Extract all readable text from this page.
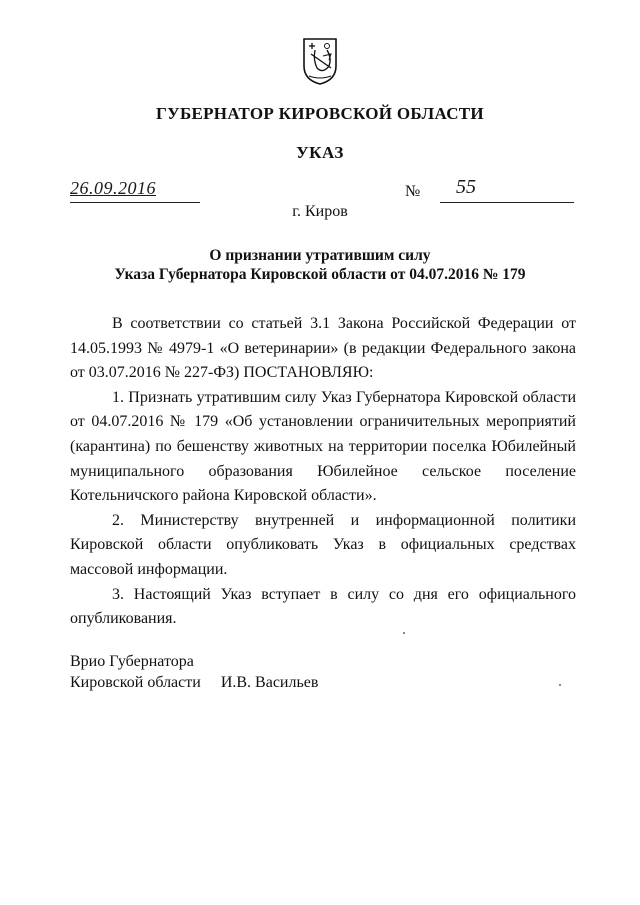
ГУБЕРНАТОР КИРОВСКОЙ ОБЛАСТИ
УКАЗ
26.09.2016	№ 55
г. Киров
О признании утратившим силу
Указа Губернатора Кировской области от 04.07.2016 № 179

В соответствии со статьей 3.1 Закона Российской Федерации от 14.05.1993 № 4979-1 «О ветеринарии» (в редакции Федерального закона от 03.07.2016 № 227-ФЗ) ПОСТАНОВЛЯЮ:

1. Признать утратившим силу Указ Губернатора Кировской области от 04.07.2016 № 179 «Об установлении ограничительных мероприятий (карантина) по бешенству животных на территории поселка Юбилейный муниципального образования Юбилейное сельское поселение Котельничского района Кировской области».

2. Министерству внутренней и информационной политики Кировской области опубликовать Указ в официальных средствах массовой информации.

3. Настоящий Указ вступает в силу со дня его официального опубликования.

Врио Губернатора
Кировской области И.В. Васильев
